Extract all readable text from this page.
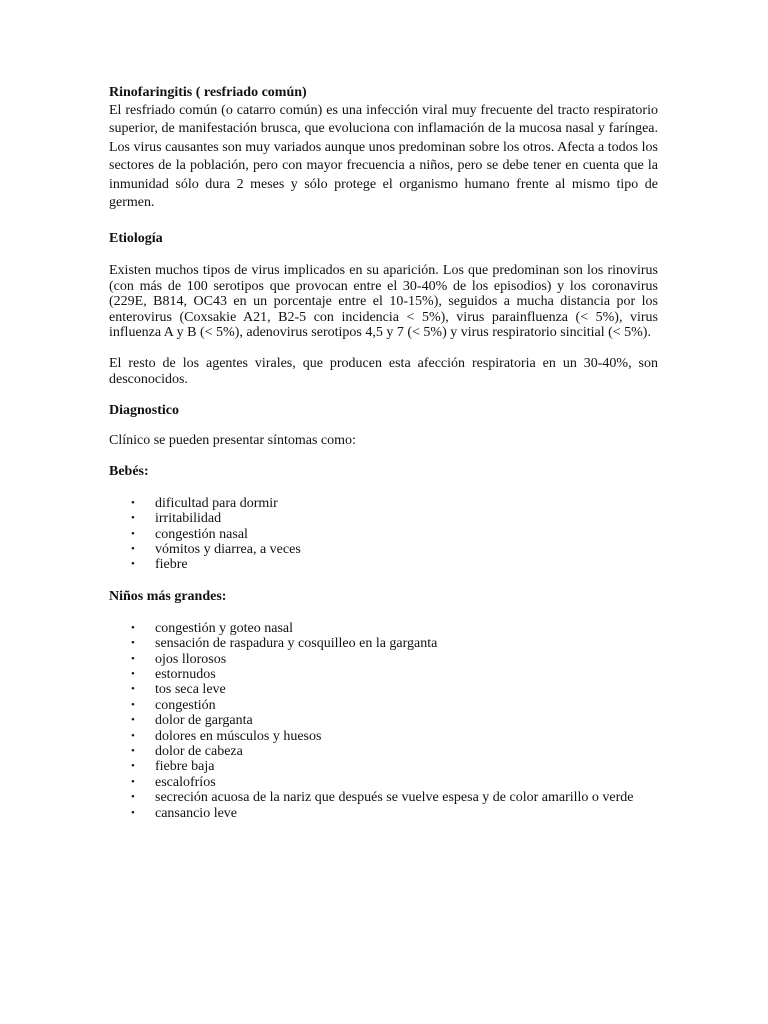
Rinofaringitis ( resfriado común)

El resfriado común (o catarro común) es una infección viral muy frecuente del tracto respiratorio superior, de manifestación brusca, que evoluciona con inflamación de la mucosa nasal y faríngea. Los virus causantes son muy variados aunque unos predominan sobre los otros. Afecta a todos los sectores de la población, pero con mayor frecuencia a niños, pero se debe tener en cuenta que la inmunidad sólo dura 2 meses y sólo protege el organismo humano frente al mismo tipo de germen.

Etiología

Existen muchos tipos de virus implicados en su aparición. Los que predominan son los rinovirus (con más de 100 serotipos que provocan entre el 30-40% de los episodios) y los coronavirus (229E, B814, OC43 en un porcentaje entre el 10-15%), seguidos a mucha distancia por los enterovirus (Coxsakie A21, B2-5 con incidencia < 5%), virus parainfluenza (< 5%), virus influenza A y B (< 5%), adenovirus serotipos 4,5 y 7 (< 5%) y virus respiratorio sincitial (< 5%).

El resto de los agentes virales, que producen esta afección respiratoria en un 30-40%, son desconocidos.

Diagnostico

Clínico se pueden presentar síntomas como:

Bebés:

• dificultad para dormir
• irritabilidad
• congestión nasal
• vómitos y diarrea, a veces
• fiebre

Niños más grandes:

• congestión y goteo nasal
• sensación de raspadura y cosquilleo en la garganta
• ojos llorosos
• estornudos
• tos seca leve
• congestión
• dolor de garganta
• dolores en músculos y huesos
• dolor de cabeza
• fiebre baja
• escalofríos
• secreción acuosa de la nariz que después se vuelve espesa y de color amarillo o verde
• cansancio leve
